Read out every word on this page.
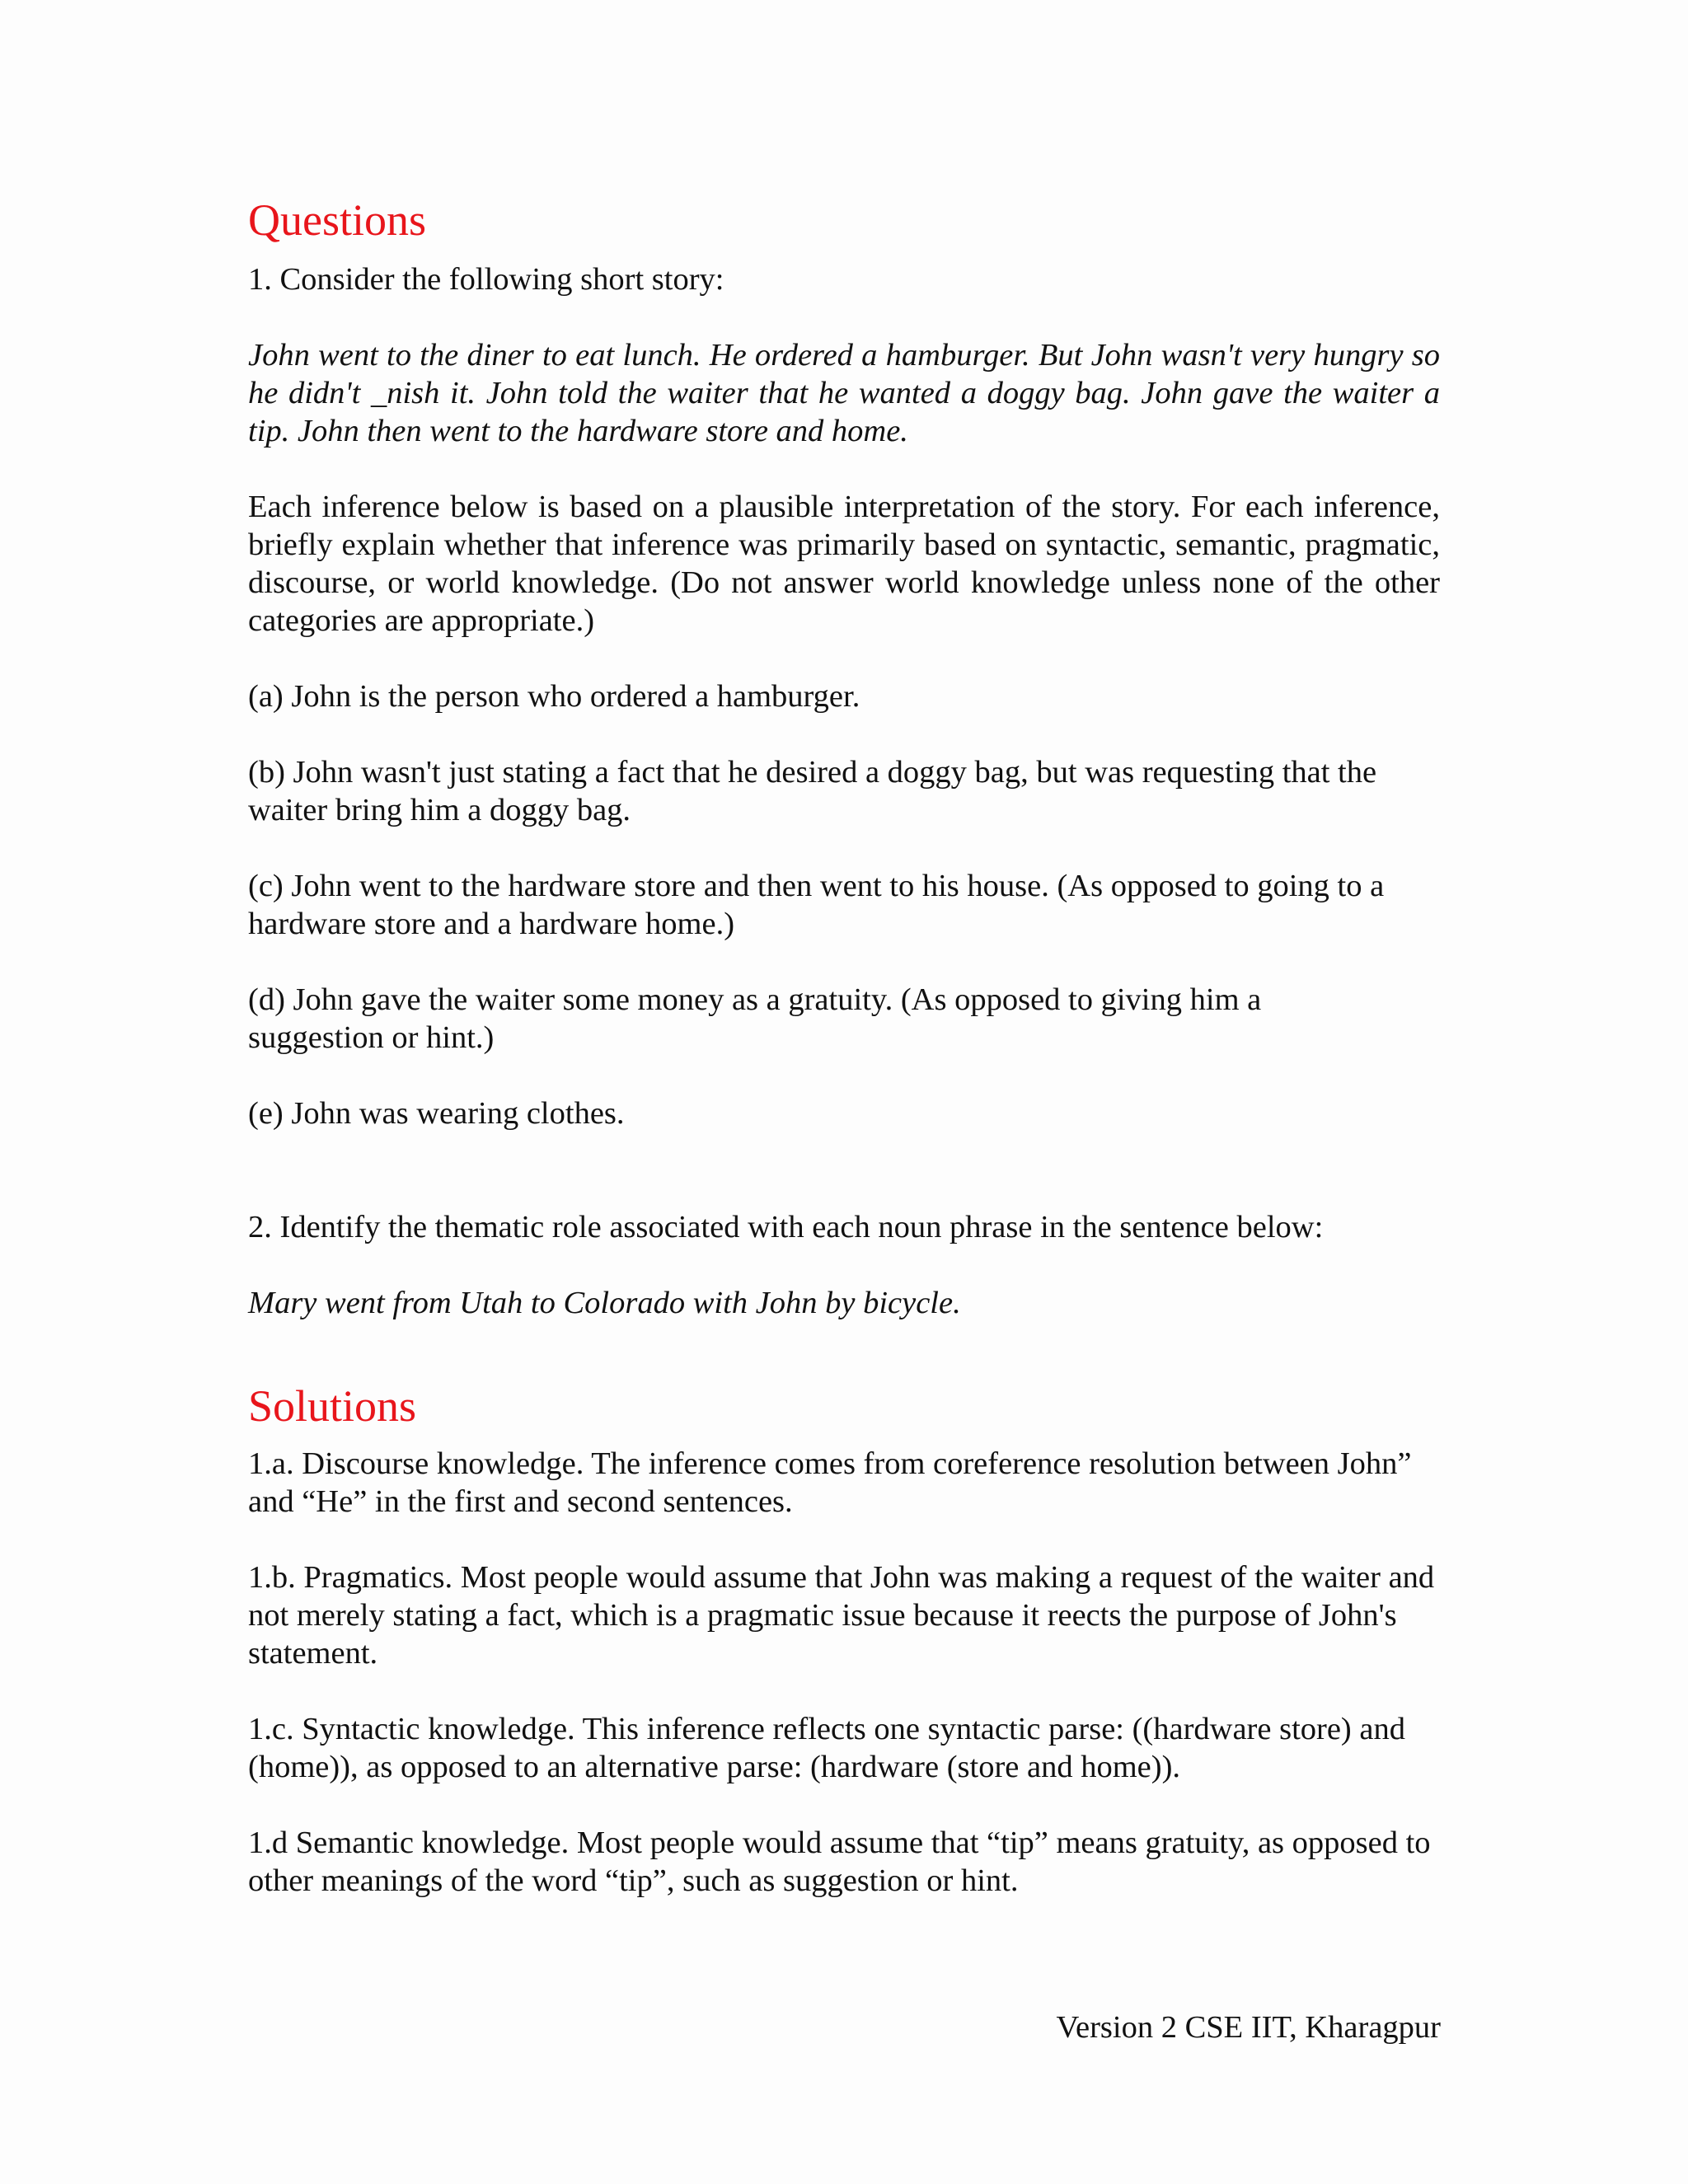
Questions

1. Consider the following short story:

John went to the diner to eat lunch. He ordered a hamburger. But John wasn't very hungry so he didn't _nish it. John told the waiter that he wanted a doggy bag. John gave the waiter a tip. John then went to the hardware store and home.

Each inference below is based on a plausible interpretation of the story. For each inference, briefly explain whether that inference was primarily based on syntactic, semantic, pragmatic, discourse, or world knowledge. (Do not answer world knowledge unless none of the other categories are appropriate.)

(a) John is the person who ordered a hamburger.

(b) John wasn't just stating a fact that he desired a doggy bag, but was requesting that the waiter bring him a doggy bag.

(c) John went to the hardware store and then went to his house. (As opposed to going to a hardware store and a hardware home.)

(d) John gave the waiter some money as a gratuity. (As opposed to giving him a suggestion or hint.)

(e) John was wearing clothes.

2. Identify the thematic role associated with each noun phrase in the sentence below:

Mary went from Utah to Colorado with John by bicycle.

Solutions

1.a. Discourse knowledge. The inference comes from coreference resolution between John” and “He” in the first and second sentences.

1.b. Pragmatics. Most people would assume that John was making a request of the waiter and not merely stating a fact, which is a pragmatic issue because it reects the purpose of John's statement.

1.c. Syntactic knowledge. This inference reflects one syntactic parse: ((hardware store) and (home)), as opposed to an alternative parse: (hardware (store and home)).

1.d Semantic knowledge. Most people would assume that “tip” means gratuity, as opposed to other meanings of the word “tip”, such as suggestion or hint.

Version 2 CSE IIT, Kharagpur
